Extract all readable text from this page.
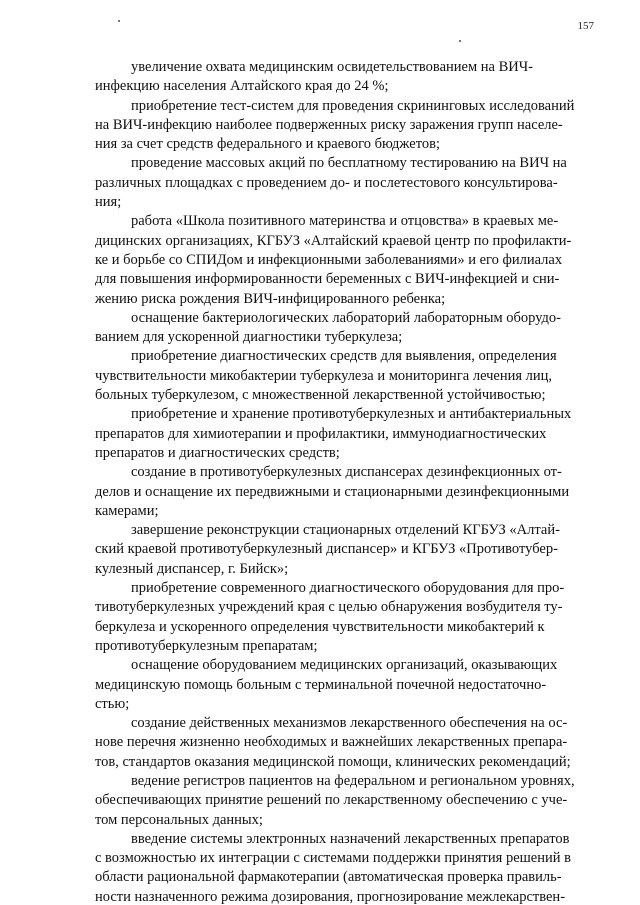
157

увеличение охвата медицинским освидетельствованием на ВИЧ-
инфекцию населения Алтайского края до 24 %;

приобретение тест-систем для проведения скрининговых исследований
на ВИЧ-инфекцию наиболее подверженных риску заражения групп населе-
ния за счет средств федерального и краевого бюджетов;

проведение массовых акций по бесплатному тестированию на ВИЧ на
различных площадках с проведением до- и послетестового консультирова-
ния;

работа «Школа позитивного материнства и отцовства» в краевых ме-
дицинских организациях, КГБУЗ «Алтайский краевой центр по профилакти-
ке и борьбе со СПИДом и инфекционными заболеваниями» и его филиалах
для повышения информированности беременных с ВИЧ-инфекцией и сни-
жению риска рождения ВИЧ-инфицированного ребенка;

оснащение бактериологических лабораторий лабораторным оборудо-
ванием для ускоренной диагностики туберкулеза;

приобретение диагностических средств для выявления, определения
чувствительности микобактерии туберкулеза и мониторинга лечения лиц,
больных туберкулезом, с множественной лекарственной устойчивостью;

приобретение и хранение противотуберкулезных и антибактериальных
препаратов для химиотерапии и профилактики, иммунодиагностических
препаратов и диагностических средств;

создание в противотуберкулезных диспансерах дезинфекционных от-
делов и оснащение их передвижными и стационарными дезинфекционными
камерами;

завершение реконструкции стационарных отделений КГБУЗ «Алтай-
ский краевой противотуберкулезный диспансер» и КГБУЗ «Противотубер-
кулезный диспансер, г. Бийск»;

приобретение современного диагностического оборудования для про-
тивотуберкулезных учреждений края с целью обнаружения возбудителя ту-
беркулеза и ускоренного определения чувствительности микобактерий к
противотуберкулезным препаратам;

оснащение оборудованием медицинских организаций, оказывающих
медицинскую помощь больным с терминальной почечной недостаточно-
стью;

создание действенных механизмов лекарственного обеспечения на ос-
нове перечня жизненно необходимых и важнейших лекарственных препара-
тов, стандартов оказания медицинской помощи, клинических рекомендаций;

ведение регистров пациентов на федеральном и региональном уровнях,
обеспечивающих принятие решений по лекарственному обеспечению с уче-
том персональных данных;

введение системы электронных назначений лекарственных препаратов
с возможностью их интеграции с системами поддержки принятия решений в
области рациональной фармакотерапии (автоматическая проверка правиль-
ности назначенного режима дозирования, прогнозирование межлекарствен-
